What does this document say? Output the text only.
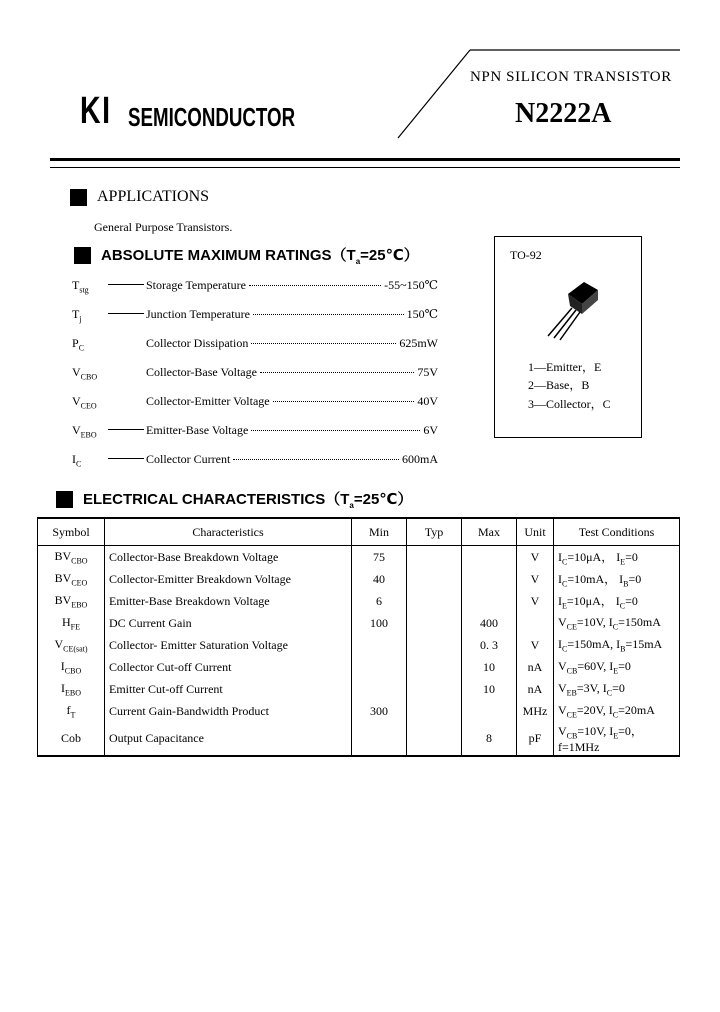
KI SEMICONDUCTOR
NPN SILICON TRANSISTOR
N2222A
APPLICATIONS
General Purpose Transistors.
ABSOLUTE MAXIMUM $RATINGS(T_a=25℃)$
$T_{stg}$	Storage Temperature	-55~150℃
$T_j$	Junction Temperature	150℃
$P_C$	Collector Dissipation	625mW
$V_{CBO}$	Collector-Base Voltage	75V
$V_{CEO}$	Collector-Emitter Voltage	40V
$V_{EBO}$	Emitter-Base Voltage	6V
$I_C$	Collector Current	600mA
TO-92
1—Emitter，E
2—Base，B
3—Collector，C
ELECTRICAL $CHARACTERISTICS(T_a=25℃)$
Symbol	Characteristics	Min	Typ	Max	Unit	Test Conditions
$BV_{CBO}$	Collector-Base Breakdown Voltage	75			V	$I_C=10\mu A$， $I_E=0$
$BV_{CEO}$	Collector-Emitter Breakdown Voltage	40			V	$I_C=10mA$， $I_B=0$
$BV_{EBO}$	Emitter-Base Breakdown Voltage	6			V	$I_E=10\mu A$， $I_C=0$
$H_{FE}$	DC Current Gain	100		400		$V_{CE}=10V$, $I_C=150mA$
$V_{CE(sat)}$	Collector- Emitter Saturation Voltage			0. 3	V	$I_C=150mA$, $I_B=15mA$
$I_{CBO}$	Collector Cut-off Current			10	nA	$V_{CB}=60V$, $I_E=0$
$I_{EBO}$	Emitter Cut-off Current			10	nA	$V_{EB}=3V$, $I_C=0$
$f_T$	Current Gain-Bandwidth Product	300			MHz	$V_{CE}=20V$, $I_C=20mA$
Cob	Output Capacitance			8	pF	$V_{CB}=10V$, $I_E=0$， f=1MHz
